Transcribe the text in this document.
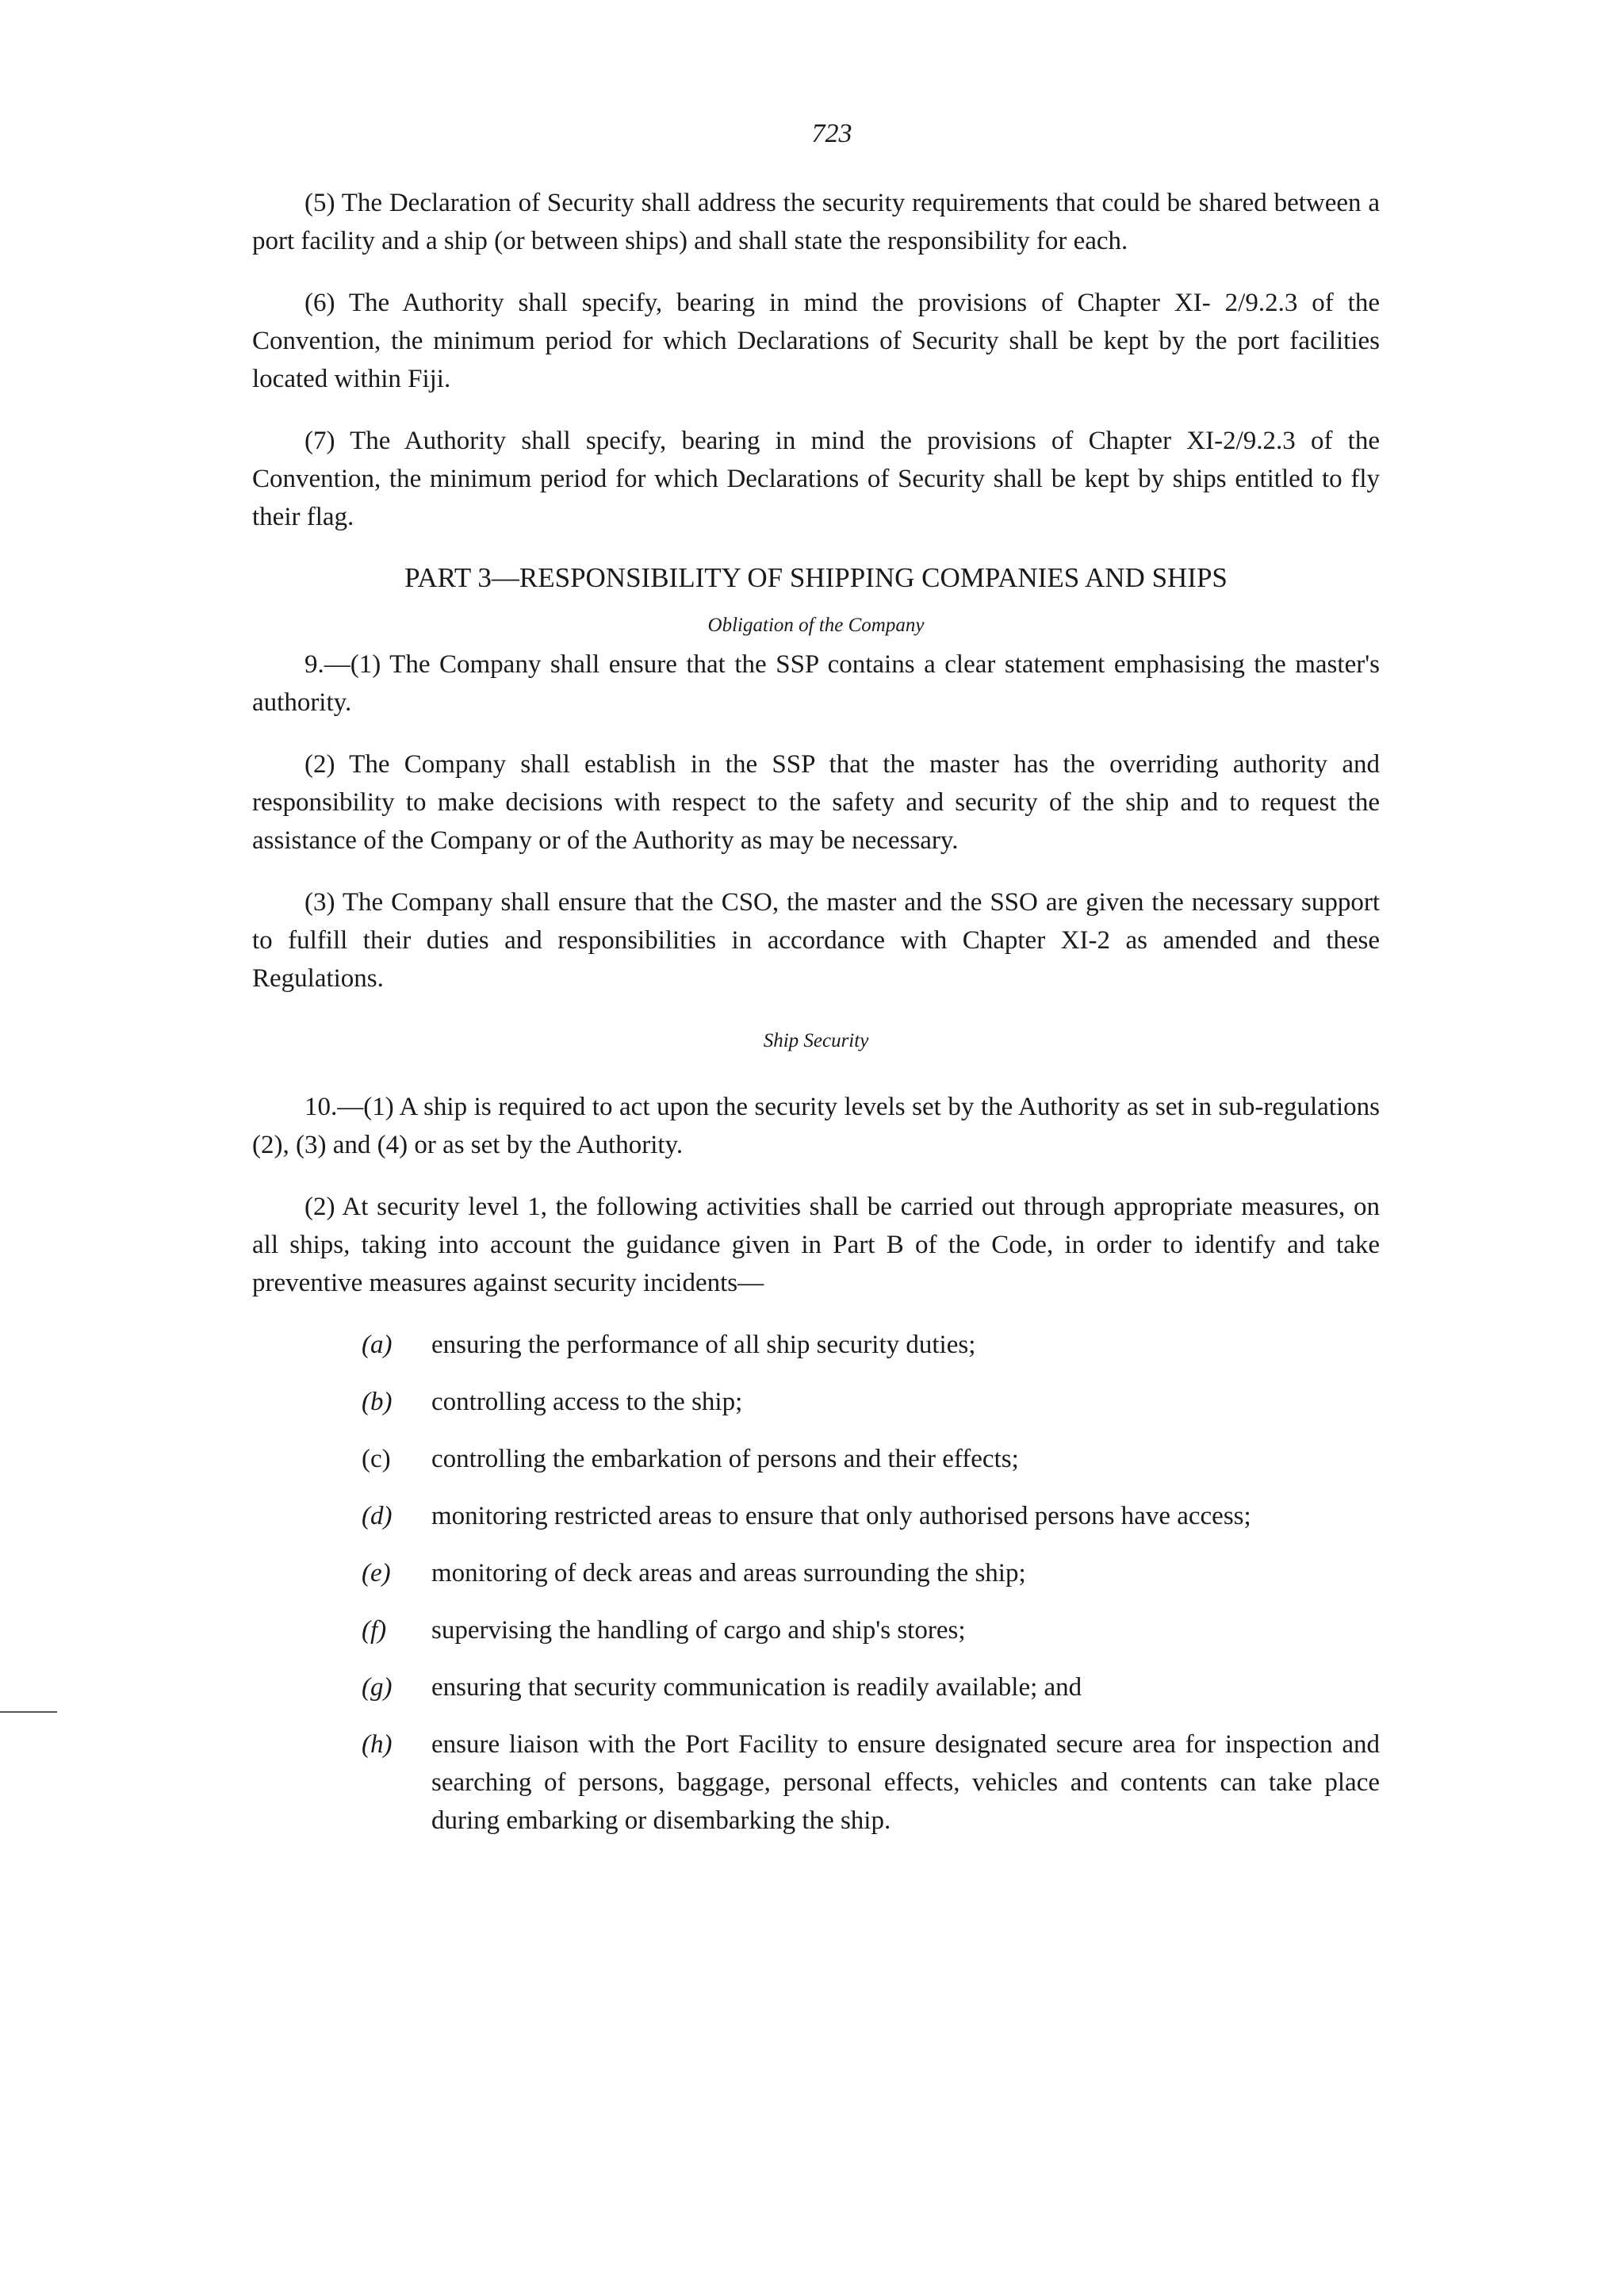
723

(5) The Declaration of Security shall address the security requirements that could be shared between a port facility and a ship (or between ships) and shall state the responsibility for each.

(6) The Authority shall specify, bearing in mind the provisions of Chapter XI- 2/9.2.3 of the Convention, the minimum period for which Declarations of Security shall be kept by the port facilities located within Fiji.

(7) The Authority shall specify, bearing in mind the provisions of Chapter XI-2/9.2.3 of the Convention, the minimum period for which Declarations of Security shall be kept by ships entitled to fly their flag.

PART 3—RESPONSIBILITY OF SHIPPING COMPANIES AND SHIPS
Obligation of the Company

9.—(1) The Company shall ensure that the SSP contains a clear statement emphasising the master's authority.

(2) The Company shall establish in the SSP that the master has the overriding authority and responsibility to make decisions with respect to the safety and security of the ship and to request the assistance of the Company or of the Authority as may be necessary.

(3) The Company shall ensure that the CSO, the master and the SSO are given the necessary support to fulfill their duties and responsibilities in accordance with Chapter XI-2 as amended and these Regulations.

Ship Security

10.—(1) A ship is required to act upon the security levels set by the Authority as set in sub-regulations (2), (3) and (4) or as set by the Authority.

(2) At security level 1, the following activities shall be carried out through appropriate measures, on all ships, taking into account the guidance given in Part B of the Code, in order to identify and take preventive measures against security incidents—

(a)	ensuring the performance of all ship security duties;
(b)	controlling access to the ship;
(c)	controlling the embarkation of persons and their effects;
(d)	monitoring restricted areas to ensure that only authorised persons have access;
(e)	monitoring of deck areas and areas surrounding the ship;
(f)	supervising the handling of cargo and ship's stores;
(g)	ensuring that security communication is readily available; and
(h)	ensure liaison with the Port Facility to ensure designated secure area for inspection and searching of persons, baggage, personal effects, vehicles and contents can take place during embarking or disembarking the ship.
